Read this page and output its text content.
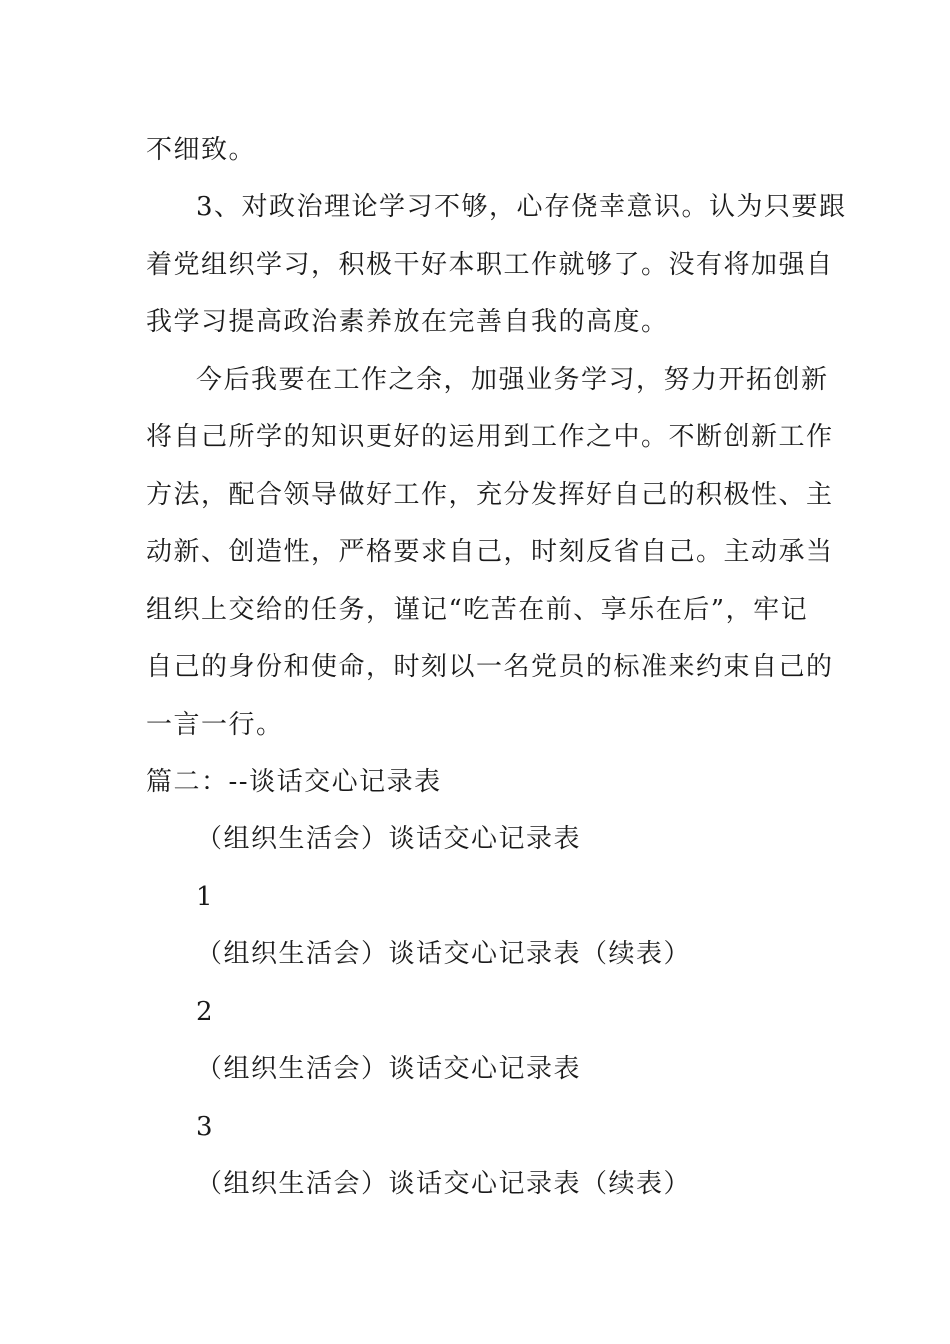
不细致。
3、对政治理论学习不够，心存侥幸意识。认为只要跟
着党组织学习，积极干好本职工作就够了。没有将加强自
我学习提高政治素养放在完善自我的高度。
今后我要在工作之余，加强业务学习，努力开拓创新
将自己所学的知识更好的运用到工作之中。不断创新工作
方法，配合领导做好工作，充分发挥好自己的积极性、主
动新、创造性，严格要求自己，时刻反省自己。主动承当
组织上交给的任务，谨记“吃苦在前、享乐在后”，牢记
自己的身份和使命，时刻以一名党员的标准来约束自己的
一言一行。
篇二：--谈话交心记录表
（组织生活会）谈话交心记录表
1
（组织生活会）谈话交心记录表（续表）
2
（组织生活会）谈话交心记录表
3
（组织生活会）谈话交心记录表（续表）
